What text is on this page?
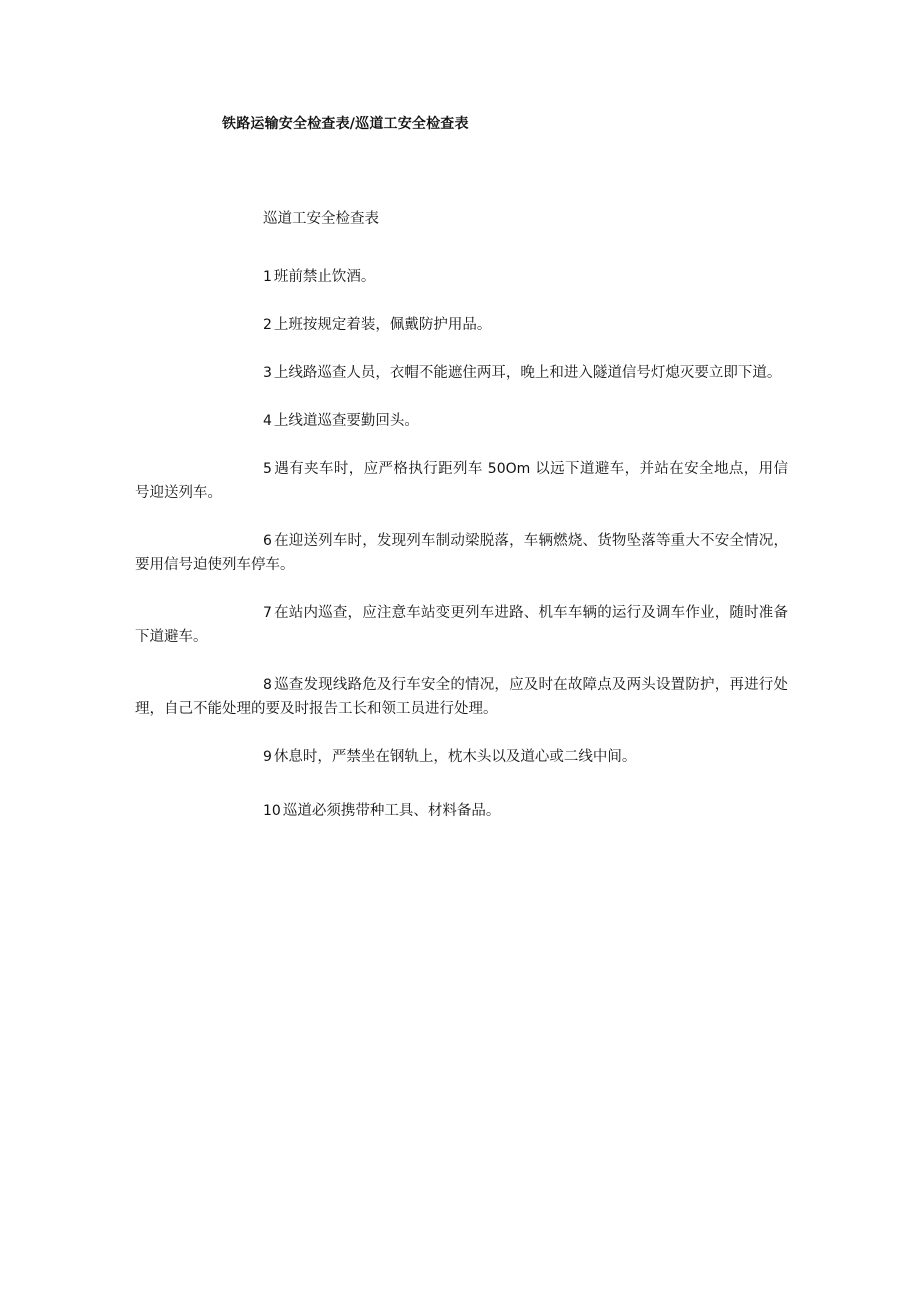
铁路运输安全检查表/巡道工安全检查表
巡道工安全检查表

1 班前禁止饮酒。

2 上班按规定着装，佩戴防护用品。

3 上线路巡查人员，衣帽不能遮住两耳，晚上和进入隧道信号灯熄灭要立即下道。

4 上线道巡查要勤回头。

5 遇有夹车时，应严格执行距列车 50Om 以远下道避车，并站在安全地点，用信号迎送列车。

6 在迎送列车时，发现列车制动梁脱落，车辆燃烧、货物坠落等重大不安全情况，要用信号迫使列车停车。

7 在站内巡查，应注意车站变更列车进路、机车车辆的运行及调车作业，随时准备下道避车。

8 巡查发现线路危及行车安全的情况，应及时在故障点及两头设置防护，再进行处理，自己不能处理的要及时报告工长和领工员进行处理。

9 休息时，严禁坐在钢轨上，枕木头以及道心或二线中间。

10 巡道必须携带种工具、材料备品。
